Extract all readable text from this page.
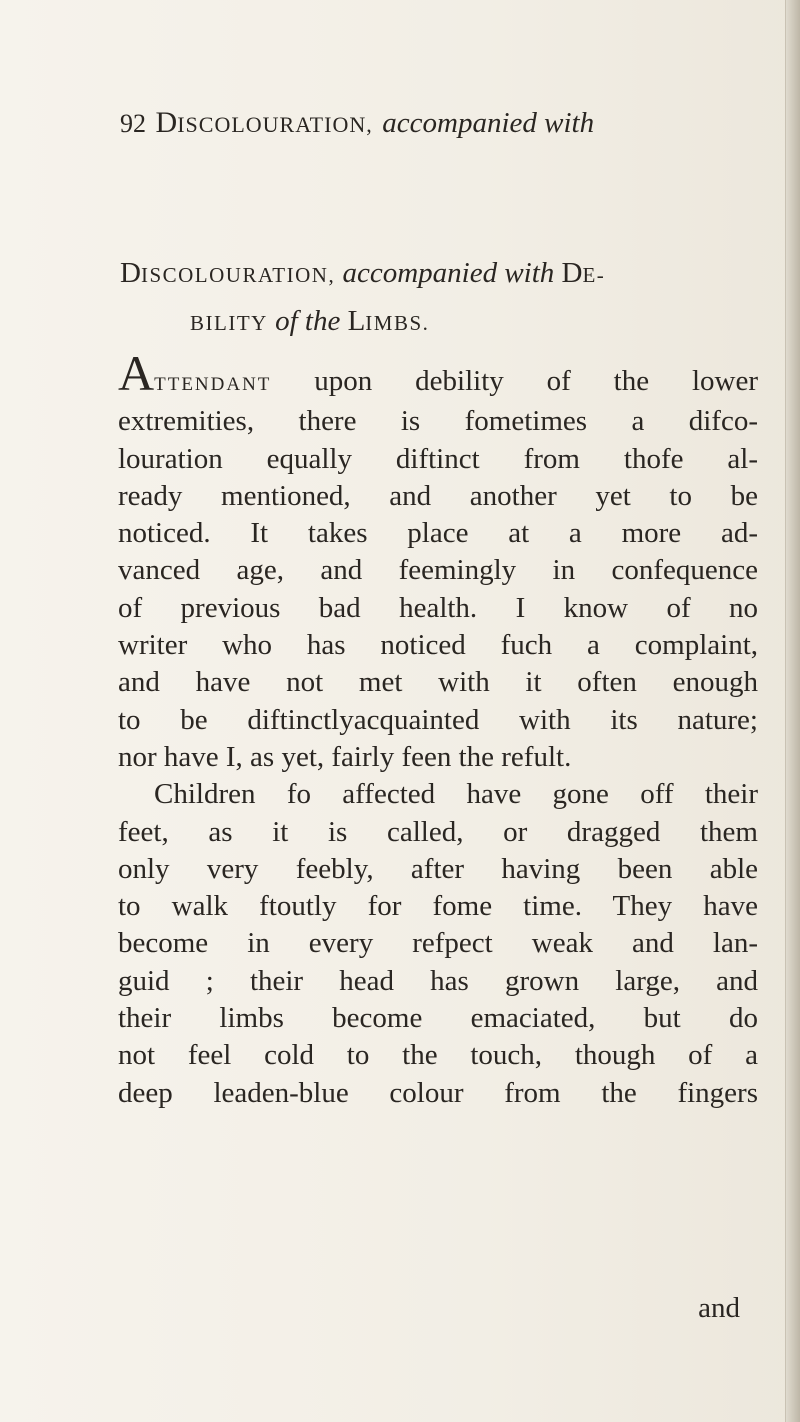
92 DISCOLOURATION, accompanied with
DISCOLOURATION, accompanied with DE-
BILITY of the LIMBS.
ATTENDANT upon debility of the lower
extremities, there is fometimes a difco-
louration equally diftinct from thofe al-
ready mentioned, and another yet to be
noticed. It takes place at a more ad-
vanced age, and feemingly in confequence
of previous bad health. I know of no
writer who has noticed fuch a complaint,
and have not met with it often enough
to be diftinctlyacquainted with its nature;
nor have I, as yet, fairly feen the refult.
Children fo affected have gone off their
feet, as it is called, or dragged them
only very feebly, after having been able
to walk ftoutly for fome time. They have
become in every refpect weak and lan-
guid ; their head has grown large, and
their limbs become emaciated, but do
not feel cold to the touch, though of a
deep leaden-blue colour from the fingers
and
